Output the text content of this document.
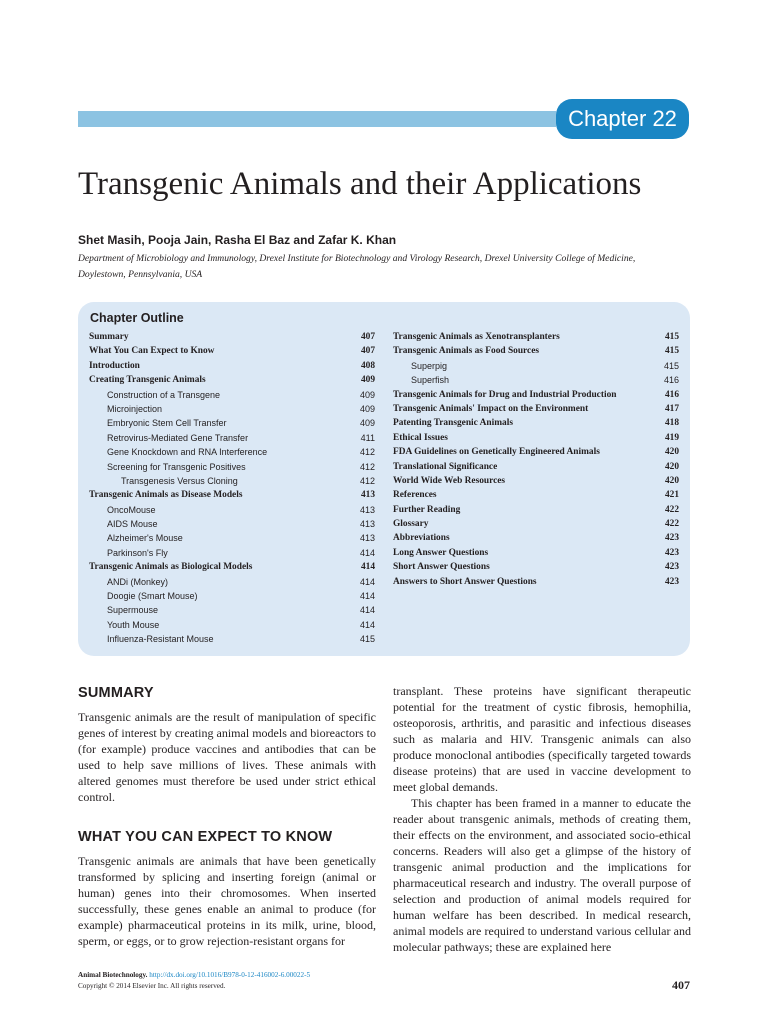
Chapter 22
Transgenic Animals and their Applications
Shet Masih, Pooja Jain, Rasha El Baz and Zafar K. Khan
Department of Microbiology and Immunology, Drexel Institute for Biotechnology and Virology Research, Drexel University College of Medicine, Doylestown, Pennsylvania, USA
Chapter Outline
Summary	407
What You Can Expect to Know	407
Introduction	408
Creating Transgenic Animals	409
Construction of a Transgene	409
Microinjection	409
Embryonic Stem Cell Transfer	409
Retrovirus-Mediated Gene Transfer	411
Gene Knockdown and RNA Interference	412
Screening for Transgenic Positives	412
Transgenesis Versus Cloning	412
Transgenic Animals as Disease Models	413
OncoMouse	413
AIDS Mouse	413
Alzheimer's Mouse	413
Parkinson's Fly	414
Transgenic Animals as Biological Models	414
ANDi (Monkey)	414
Doogie (Smart Mouse)	414
Supermouse	414
Youth Mouse	414
Influenza-Resistant Mouse	415
Transgenic Animals as Xenotransplanters	415
Transgenic Animals as Food Sources	415
Superpig	415
Superfish	416
Transgenic Animals for Drug and Industrial Production	416
Transgenic Animals' Impact on the Environment	417
Patenting Transgenic Animals	418
Ethical Issues	419
FDA Guidelines on Genetically Engineered Animals	420
Translational Significance	420
World Wide Web Resources	420
References	421
Further Reading	422
Glossary	422
Abbreviations	423
Long Answer Questions	423
Short Answer Questions	423
Answers to Short Answer Questions	423
SUMMARY

Transgenic animals are the result of manipulation of specific genes of interest by creating animal models and bioreactors to (for example) produce vaccines and antibodies that can be used to help save millions of lives. These animals with altered genomes must therefore be used under strict ethical control.

WHAT YOU CAN EXPECT TO KNOW

Transgenic animals are animals that have been genetically transformed by splicing and inserting foreign (animal or human) genes into their chromosomes. When inserted successfully, these genes enable an animal to produce (for example) pharmaceutical proteins in its milk, urine, blood, sperm, or eggs, or to grow rejection-resistant organs for

transplant. These proteins have significant therapeutic potential for the treatment of cystic fibrosis, hemophilia, osteoporosis, arthritis, and parasitic and infectious diseases such as malaria and HIV. Transgenic animals can also produce monoclonal antibodies (specifically targeted towards disease proteins) that are used in vaccine development to meet global demands.

This chapter has been framed in a manner to educate the reader about transgenic animals, methods of creating them, their effects on the environment, and associated socio-ethical concerns. Readers will also get a glimpse of the history of transgenic animal production and the implications for pharmaceutical research and industry. The overall purpose of selection and production of animal models required for human welfare has been described. In medical research, animal models are required to understand various cellular and molecular pathways; these are explained here

Animal Biotechnology. http://dx.doi.org/10.1016/B978-0-12-416002-6.00022-5
Copyright © 2014 Elsevier Inc. All rights reserved.	407
